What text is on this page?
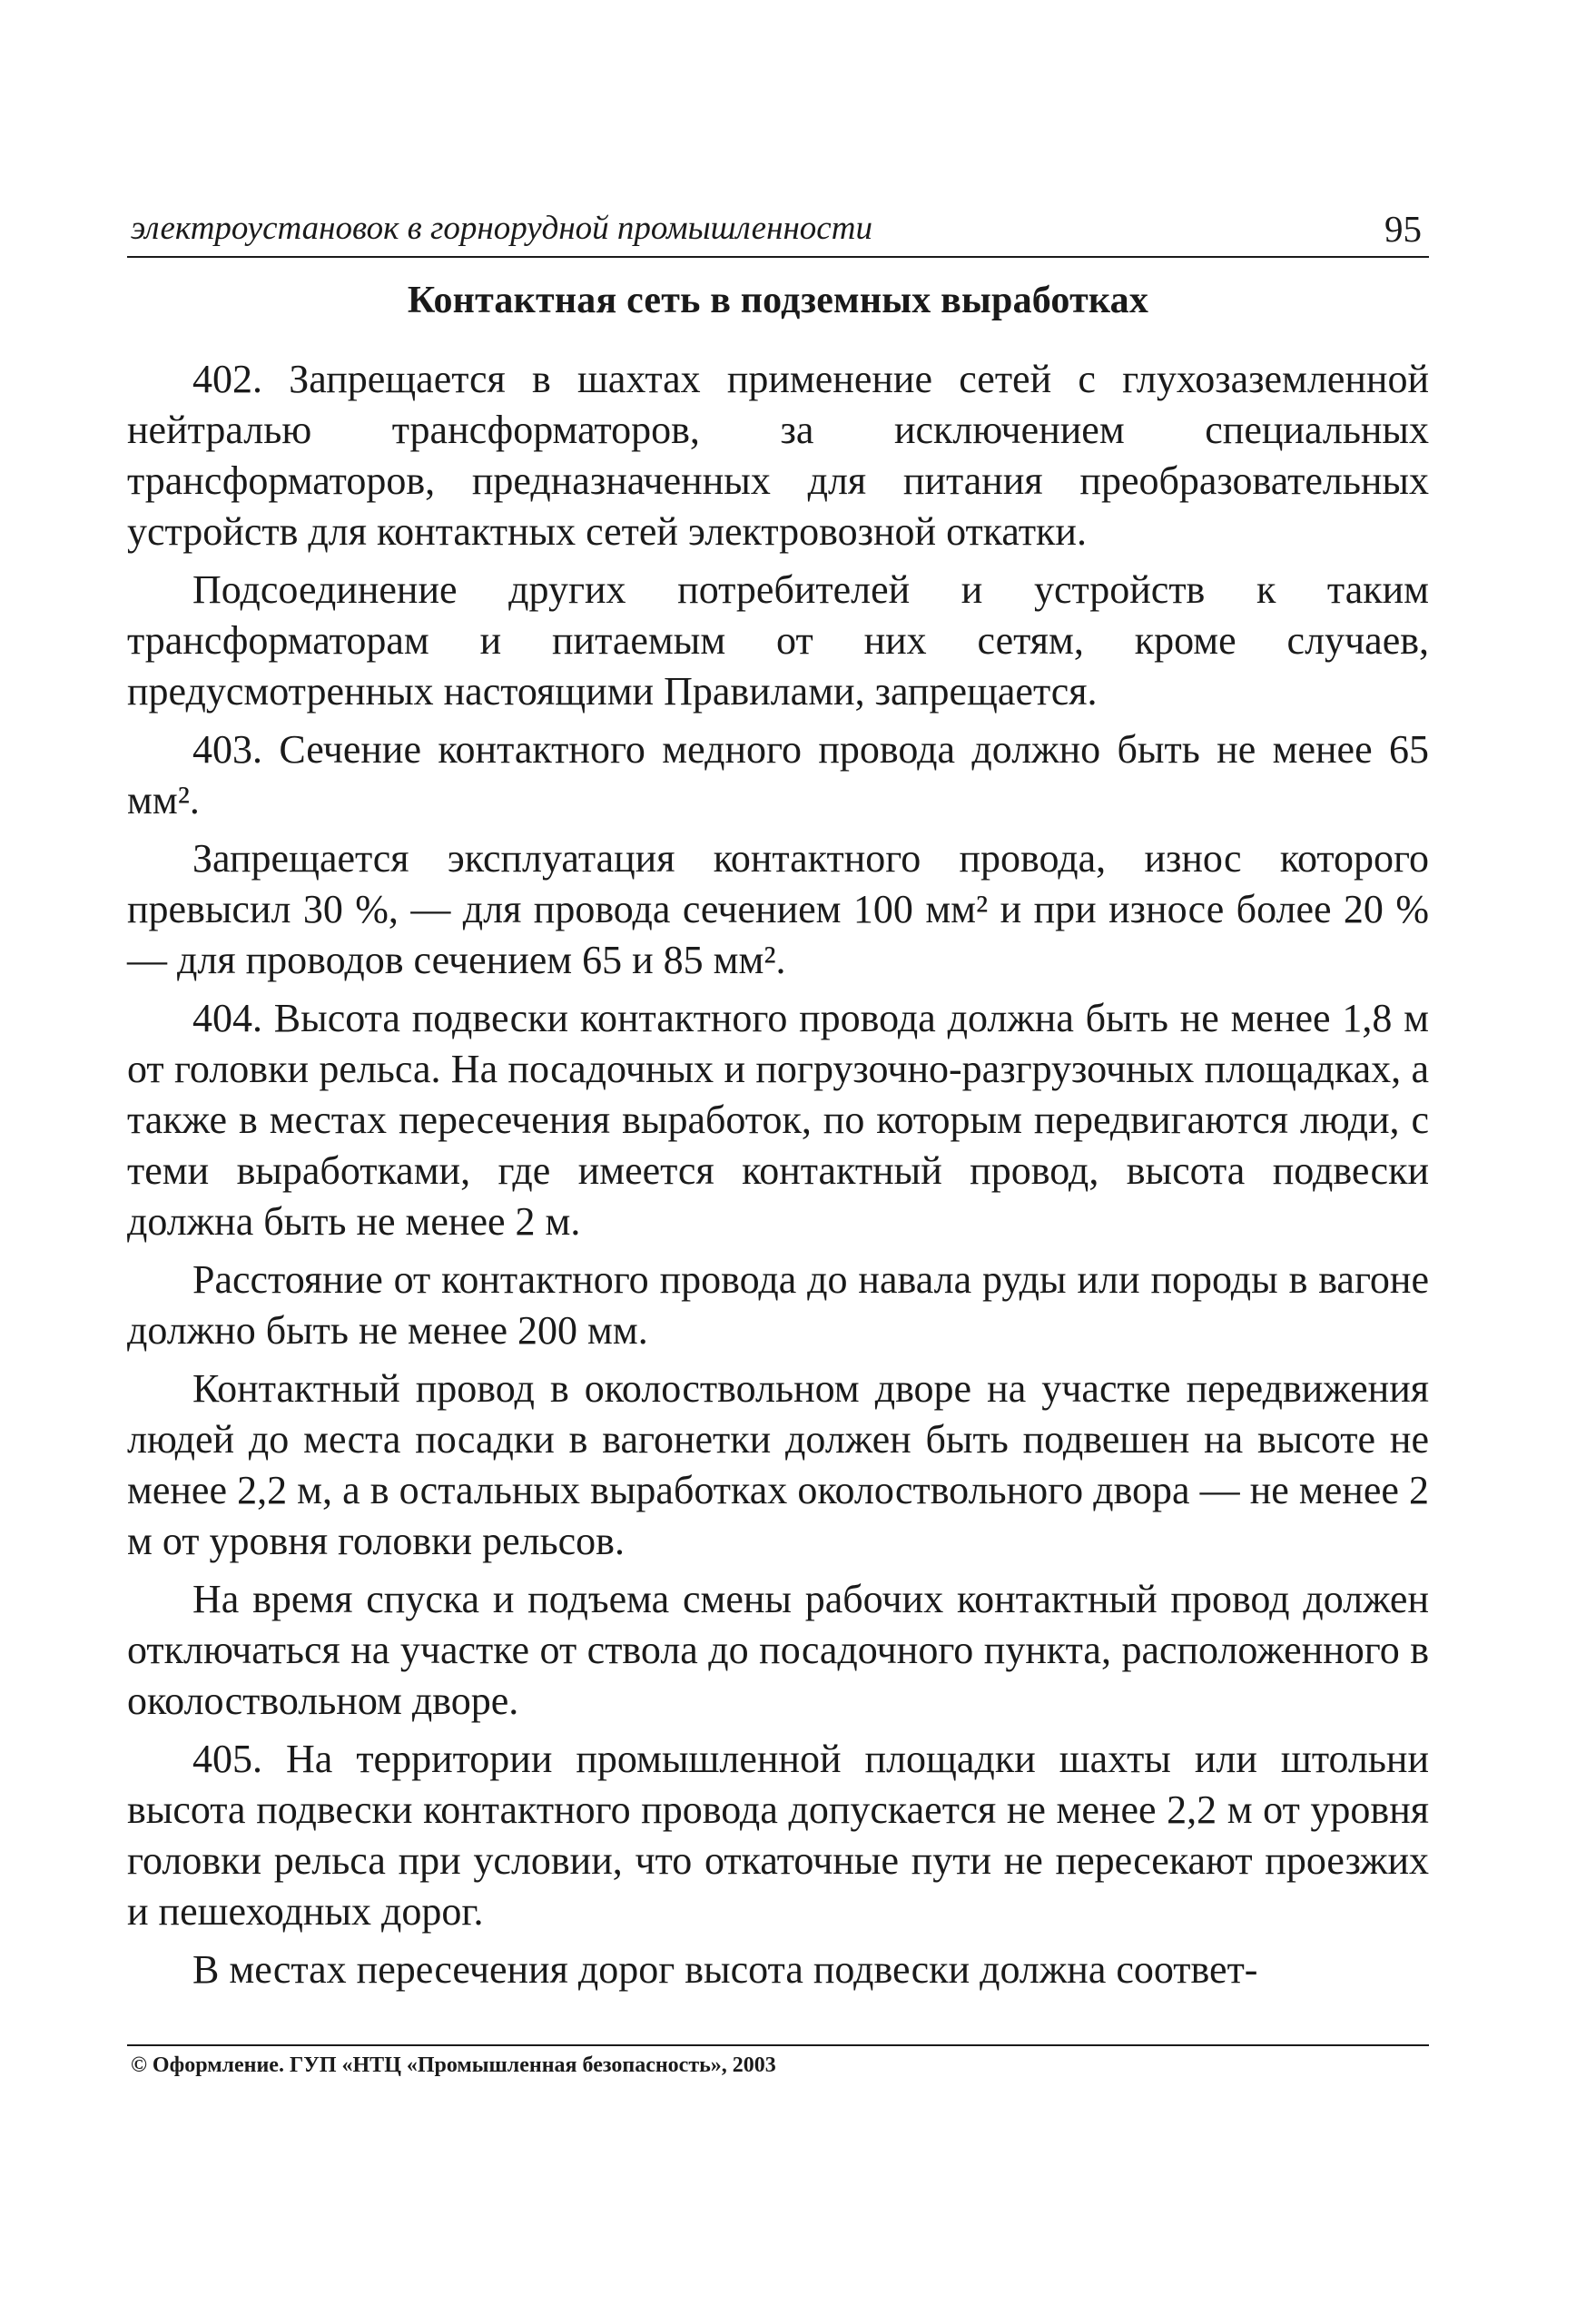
электроустановок в горнорудной промышленности	95
Контактная сеть в подземных выработках

402. Запрещается в шахтах применение сетей с глухозаземленной нейтралью трансформаторов, за исключением специальных трансформаторов, предназначенных для питания преобразовательных устройств для контактных сетей электровозной откатки.

Подсоединение других потребителей и устройств к таким трансформаторам и питаемым от них сетям, кроме случаев, предусмотренных настоящими Правилами, запрещается.

403. Сечение контактного медного провода должно быть не менее 65 мм².

Запрещается эксплуатация контактного провода, износ которого превысил 30 %, — для провода сечением 100 мм² и при износе более 20 % — для проводов сечением 65 и 85 мм².

404. Высота подвески контактного провода должна быть не менее 1,8 м от головки рельса. На посадочных и погрузочно-разгрузочных площадках, а также в местах пересечения выработок, по которым передвигаются люди, с теми выработками, где имеется контактный провод, высота подвески должна быть не менее 2 м.

Расстояние от контактного провода до навала руды или породы в вагоне должно быть не менее 200 мм.

Контактный провод в околоствольном дворе на участке передвижения людей до места посадки в вагонетки должен быть подвешен на высоте не менее 2,2 м, а в остальных выработках околоствольного двора — не менее 2 м от уровня головки рельсов.

На время спуска и подъема смены рабочих контактный провод должен отключаться на участке от ствола до посадочного пункта, расположенного в околоствольном дворе.

405. На территории промышленной площадки шахты или штольни высота подвески контактного провода допускается не менее 2,2 м от уровня головки рельса при условии, что откаточные пути не пересекают проезжих и пешеходных дорог.

В местах пересечения дорог высота подвески должна соответ-

© Оформление. ГУП «НТЦ «Промышленная безопасность», 2003
